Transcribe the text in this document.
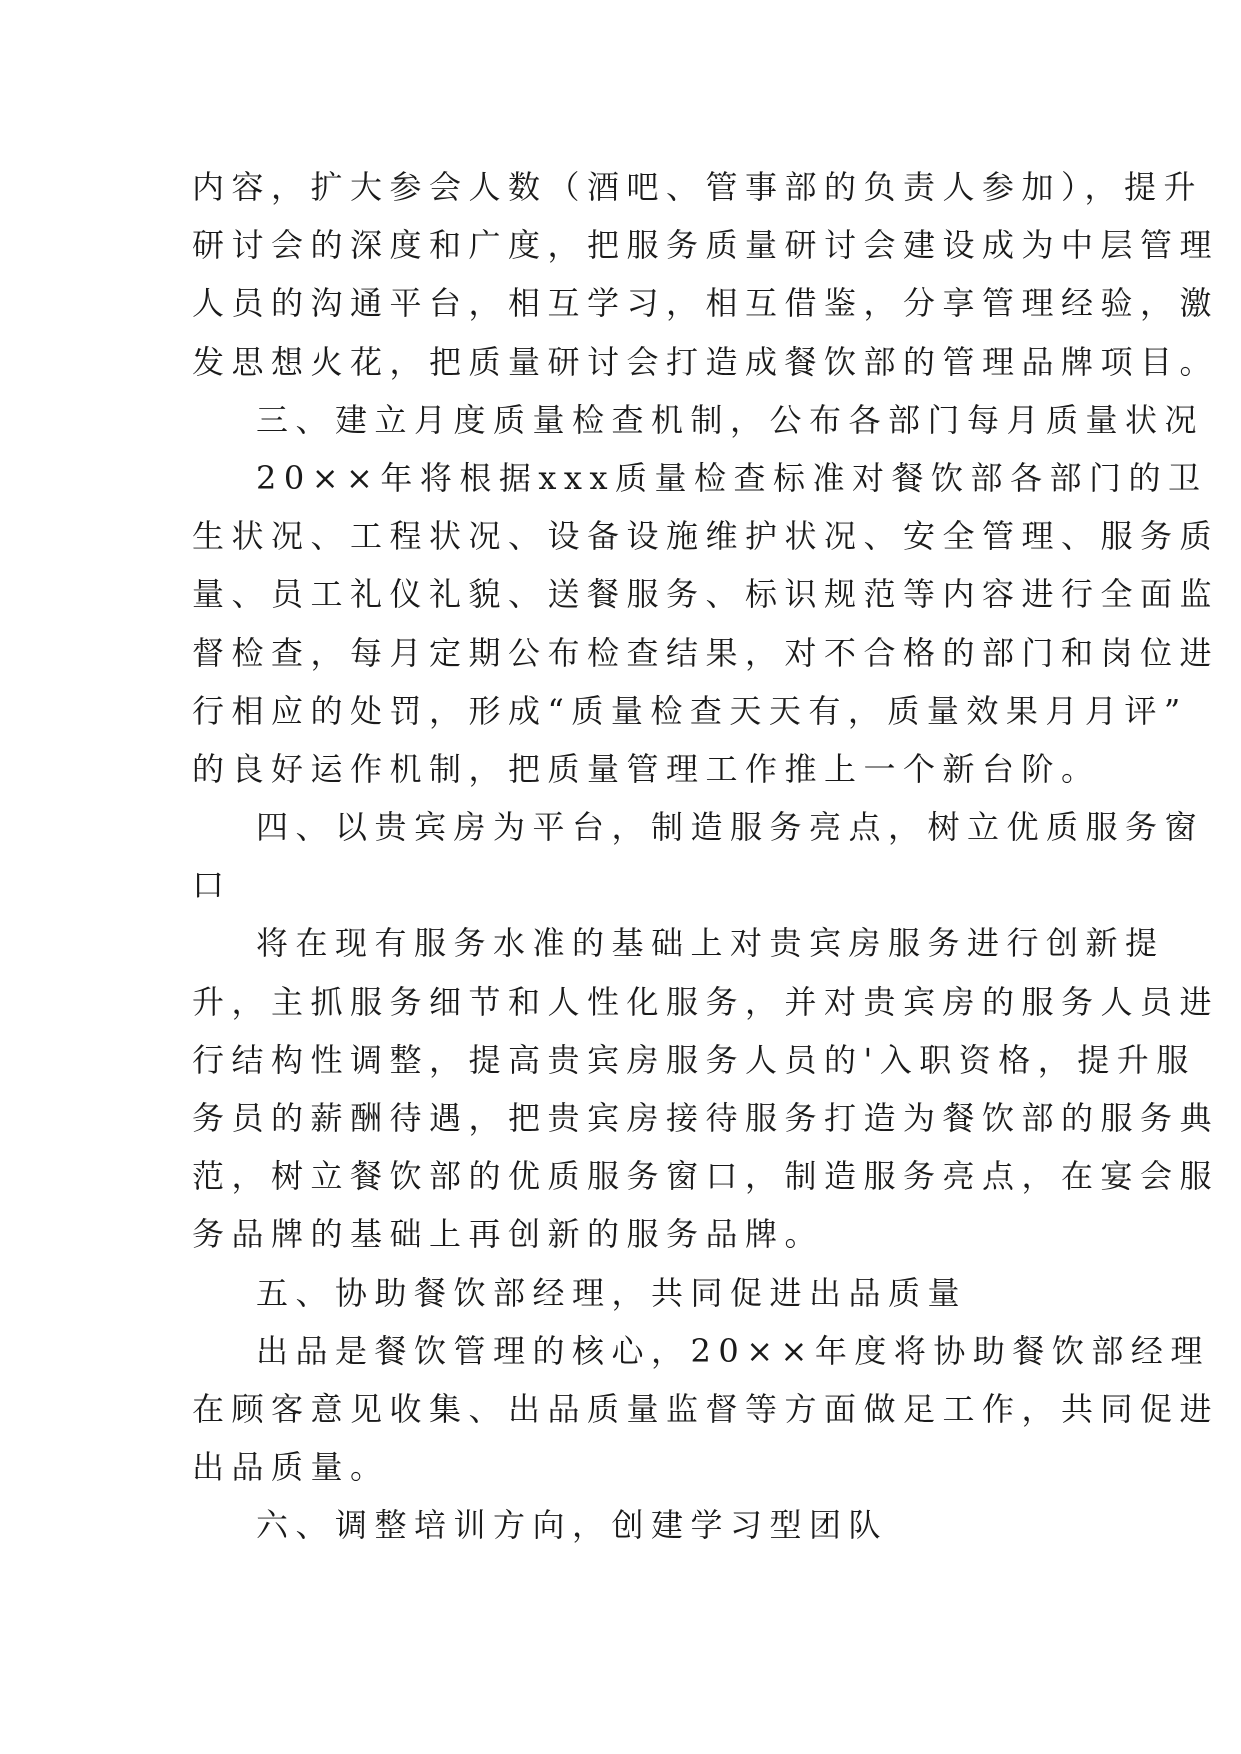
内容，扩大参会人数（酒吧、管事部的负责人参加），提升
研讨会的深度和广度，把服务质量研讨会建设成为中层管理
人员的沟通平台，相互学习，相互借鉴，分享管理经验，激
发思想火花，把质量研讨会打造成餐饮部的管理品牌项目。
三、建立月度质量检查机制，公布各部门每月质量状况
20××年将根据xxx质量检查标准对餐饮部各部门的卫
生状况、工程状况、设备设施维护状况、安全管理、服务质
量、员工礼仪礼貌、送餐服务、标识规范等内容进行全面监
督检查，每月定期公布检查结果，对不合格的部门和岗位进
行相应的处罚，形成“质量检查天天有，质量效果月月评”
的良好运作机制，把质量管理工作推上一个新台阶。
四、以贵宾房为平台，制造服务亮点，树立优质服务窗
口
将在现有服务水准的基础上对贵宾房服务进行创新提
升，主抓服务细节和人性化服务，并对贵宾房的服务人员进
行结构性调整，提高贵宾房服务人员的'入职资格，提升服
务员的薪酬待遇，把贵宾房接待服务打造为餐饮部的服务典
范，树立餐饮部的优质服务窗口，制造服务亮点，在宴会服
务品牌的基础上再创新的服务品牌。
五、协助餐饮部经理，共同促进出品质量
出品是餐饮管理的核心，20××年度将协助餐饮部经理
在顾客意见收集、出品质量监督等方面做足工作，共同促进
出品质量。
六、调整培训方向，创建学习型团队
